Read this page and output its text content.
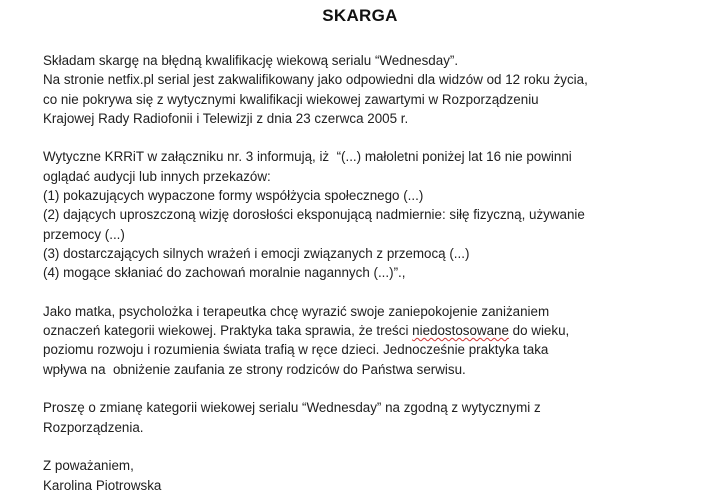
SKARGA
Składam skargę na błędną kwalifikację wiekową serialu “Wednesday”.
Na stronie netfix.pl serial jest zakwalifikowany jako odpowiedni dla widzów od 12 roku życia,
co nie pokrywa się z wytycznymi kwalifikacji wiekowej zawartymi w Rozporządzeniu
Krajowej Rady Radiofonii i Telewizji z dnia 23 czerwca 2005 r.
Wytyczne KRRiT w załączniku nr. 3 informują, iż  “(...) małoletni poniżej lat 16 nie powinni
oglądać audycji lub innych przekazów:
(1) pokazujących wypaczone formy współżycia społecznego (...)
(2) dających uproszczoną wizję dorosłości eksponującą nadmiernie: siłę fizyczną, używanie
przemocy (...)
(3) dostarczających silnych wrażeń i emocji związanych z przemocą (...)
(4) mogące skłaniać do zachowań moralnie nagannych (...)”.,
Jako matka, psycholożka i terapeutka chcę wyrazić swoje zaniepokojenie zaniżaniem
oznaczeń kategorii wiekowej. Praktyka taka sprawia, że treści niedostosowane do wieku,
poziomu rozwoju i rozumienia świata trafią w ręce dzieci. Jednocześnie praktyka taka
wpływa na  obniżenie zaufania ze strony rodziców do Państwa serwisu.
Proszę o zmianę kategorii wiekowej serialu “Wednesday” na zgodną z wytycznymi z
Rozporządzenia.
Z poważaniem,
Karolina Piotrowska
